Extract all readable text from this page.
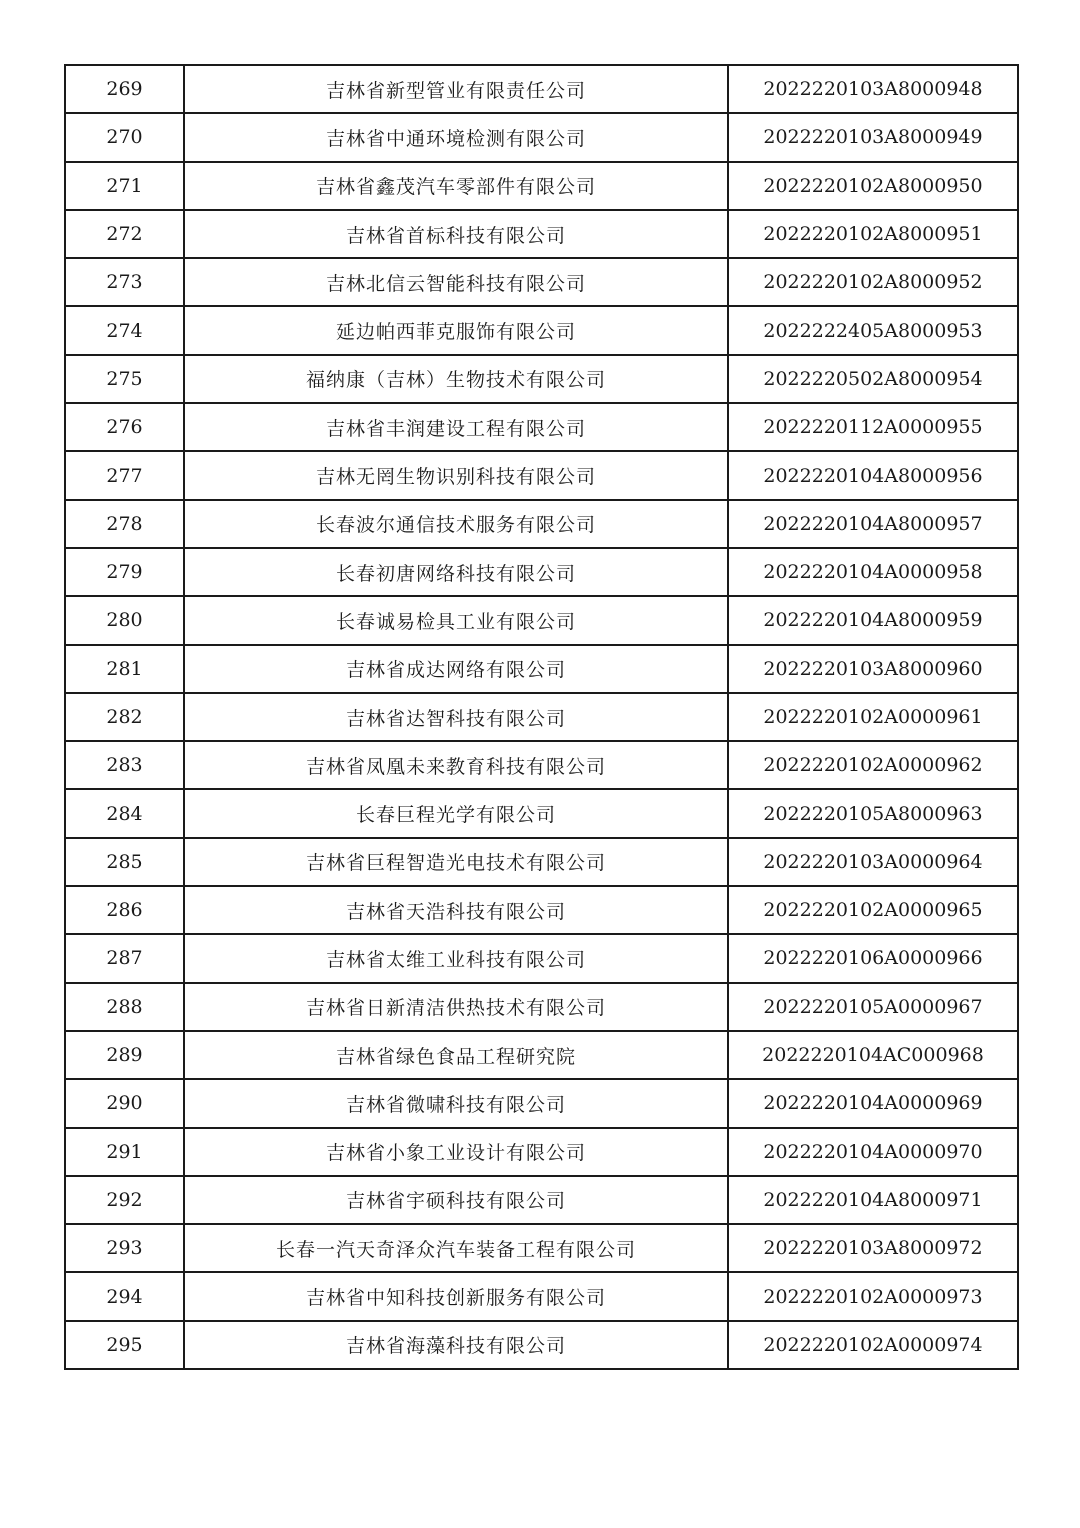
269	吉林省新型管业有限责任公司	2022220103A8000948
270	吉林省中通环境检测有限公司	2022220103A8000949
271	吉林省鑫茂汽车零部件有限公司	2022220102A8000950
272	吉林省首标科技有限公司	2022220102A8000951
273	吉林北信云智能科技有限公司	2022220102A8000952
274	延边帕西菲克服饰有限公司	2022222405A8000953
275	福纳康（吉林）生物技术有限公司	2022220502A8000954
276	吉林省丰润建设工程有限公司	2022220112A0000955
277	吉林无罔生物识别科技有限公司	2022220104A8000956
278	长春波尔通信技术服务有限公司	2022220104A8000957
279	长春初唐网络科技有限公司	2022220104A0000958
280	长春诚易检具工业有限公司	2022220104A8000959
281	吉林省成达网络有限公司	2022220103A8000960
282	吉林省达智科技有限公司	2022220102A0000961
283	吉林省凤凰未来教育科技有限公司	2022220102A0000962
284	长春巨程光学有限公司	2022220105A8000963
285	吉林省巨程智造光电技术有限公司	2022220103A0000964
286	吉林省天浩科技有限公司	2022220102A0000965
287	吉林省太维工业科技有限公司	2022220106A0000966
288	吉林省日新清洁供热技术有限公司	2022220105A0000967
289	吉林省绿色食品工程研究院	2022220104AC000968
290	吉林省微啸科技有限公司	2022220104A0000969
291	吉林省小象工业设计有限公司	2022220104A0000970
292	吉林省宇硕科技有限公司	2022220104A8000971
293	长春一汽天奇泽众汽车装备工程有限公司	2022220103A8000972
294	吉林省中知科技创新服务有限公司	2022220102A0000973
295	吉林省海藻科技有限公司	2022220102A0000974
